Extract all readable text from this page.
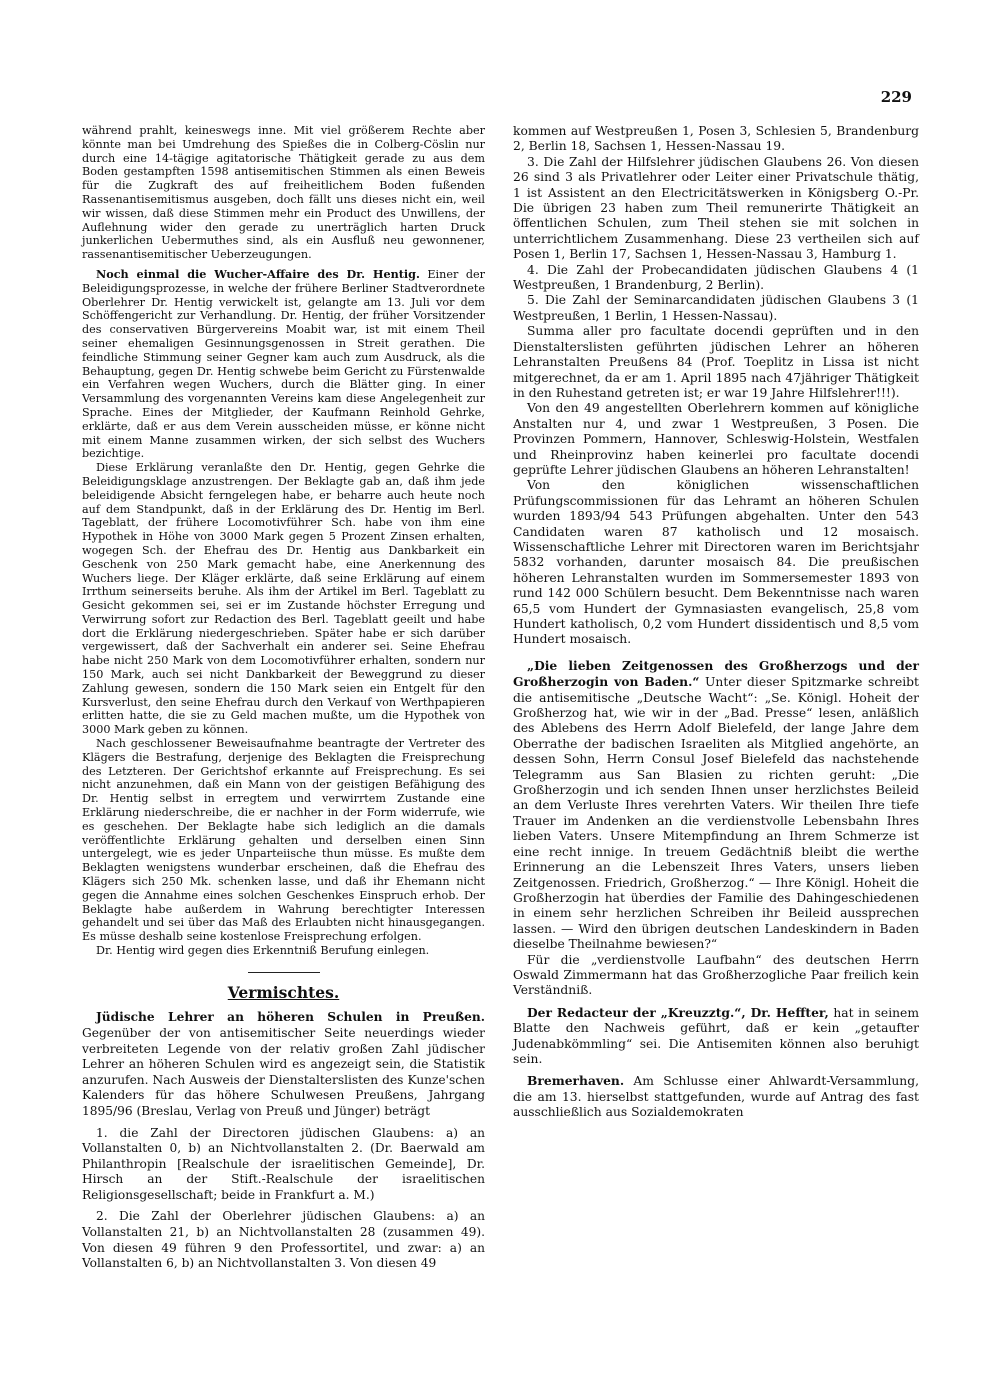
229

während prahlt, keineswegs inne. Mit viel größerem Rechte aber könnte man bei Umdrehung des Spießes die in Colberg-Cöslin nur durch eine 14-tägige agitatorische Thätigkeit gerade zu aus dem Boden gestampften 1598 antisemitischen Stimmen als einen Beweis für die Zugkraft des auf freiheitlichem Boden fußenden Rassenantisemitismus ausgeben, doch fällt uns dieses nicht ein, weil wir wissen, daß diese Stimmen mehr ein Product des Unwillens, der Auflehnung wider den gerade zu unerträglich harten Druck junkerlichen Uebermuthes sind, als ein Ausfluß neu gewonnener, rassenantisemitischer Ueberzeugungen.

Noch einmal die Wucher-Affaire des Dr. Hentig. Einer der Beleidigungsprozesse, in welche der frühere Berliner Stadtverordnete Oberlehrer Dr. Hentig verwickelt ist, gelangte am 13. Juli vor dem Schöffengericht zur Verhandlung. Dr. Hentig, der früher Vorsitzender des conservativen Bürgervereins Moabit war, ist mit einem Theil seiner ehemaligen Gesinnungsgenossen in Streit gerathen. Die feindliche Stimmung seiner Gegner kam auch zum Ausdruck, als die Behauptung, gegen Dr. Hentig schwebe beim Gericht zu Fürstenwalde ein Verfahren wegen Wuchers, durch die Blätter ging. In einer Versammlung des vorgenannten Vereins kam diese Angelegenheit zur Sprache. Eines der Mitglieder, der Kaufmann Reinhold Gehrke, erklärte, daß er aus dem Verein ausscheiden müsse, er könne nicht mit einem Manne zusammen wirken, der sich selbst des Wuchers bezichtige.

Diese Erklärung veranlaßte den Dr. Hentig, gegen Gehrke die Beleidigungsklage anzustrengen. Der Beklagte gab an, daß ihm jede beleidigende Absicht ferngelegen habe, er beharre auch heute noch auf dem Standpunkt, daß in der Erklärung des Dr. Hentig im Berl. Tageblatt, der frühere Locomotivführer Sch. habe von ihm eine Hypothek in Höhe von 3000 Mark gegen 5 Prozent Zinsen erhalten, wogegen Sch. der Ehefrau des Dr. Hentig aus Dankbarkeit ein Geschenk von 250 Mark gemacht habe, eine Anerkennung des Wuchers liege. Der Kläger erklärte, daß seine Erklärung auf einem Irrthum seinerseits beruhe. Als ihm der Artikel im Berl. Tageblatt zu Gesicht gekommen sei, sei er im Zustande höchster Erregung und Verwirrung sofort zur Redaction des Berl. Tageblatt geeilt und habe dort die Erklärung niedergeschrieben. Später habe er sich darüber vergewissert, daß der Sachverhalt ein anderer sei. Seine Ehefrau habe nicht 250 Mark von dem Locomotivführer erhalten, sondern nur 150 Mark, auch sei nicht Dankbarkeit der Beweggrund zu dieser Zahlung gewesen, sondern die 150 Mark seien ein Entgelt für den Kursverlust, den seine Ehefrau durch den Verkauf von Werthpapieren erlitten hatte, die sie zu Geld machen mußte, um die Hypothek von 3000 Mark geben zu können.

Nach geschlossener Beweisaufnahme beantragte der Vertreter des Klägers die Bestrafung, derjenige des Beklagten die Freisprechung des Letzteren. Der Gerichtshof erkannte auf Freisprechung. Es sei nicht anzunehmen, daß ein Mann von der geistigen Befähigung des Dr. Hentig selbst in erregtem und verwirrtem Zustande eine Erklärung niederschreibe, die er nachher in der Form widerrufe, wie es geschehen. Der Beklagte habe sich lediglich an die damals veröffentlichte Erklärung gehalten und derselben einen Sinn untergelegt, wie es jeder Unparteiische thun müsse. Es mußte dem Beklagten wenigstens wunderbar erscheinen, daß die Ehefrau des Klägers sich 250 Mk. schenken lasse, und daß ihr Ehemann nicht gegen die Annahme eines solchen Geschenkes Einspruch erhob. Der Beklagte habe außerdem in Wahrung berechtigter Interessen gehandelt und sei über das Maß des Erlaubten nicht hinausgegangen. Es müsse deshalb seine kostenlose Freisprechung erfolgen.

Dr. Hentig wird gegen dies Erkenntniß Berufung einlegen.

Vermischtes.

Jüdische Lehrer an höheren Schulen in Preußen. Gegenüber der von antisemitischer Seite neuerdings wieder verbreiteten Legende von der relativ großen Zahl jüdischer Lehrer an höheren Schulen wird es angezeigt sein, die Statistik anzurufen. Nach Ausweis der Dienstalterslisten des Kunze'schen Kalenders für das höhere Schulwesen Preußens, Jahrgang 1895/96 (Breslau, Verlag von Preuß und Jünger) beträgt

1. die Zahl der Directoren jüdischen Glaubens: a) an Vollanstalten 0, b) an Nichtvollanstalten 2. (Dr. Baerwald am Philanthropin [Realschule der israelitischen Gemeinde], Dr. Hirsch an der Stift.-Realschule der israelitischen Religionsgesellschaft; beide in Frankfurt a. M.)

2. Die Zahl der Oberlehrer jüdischen Glaubens: a) an Vollanstalten 21, b) an Nichtvollanstalten 28 (zusammen 49). Von diesen 49 führen 9 den Professortitel, und zwar: a) an Vollanstalten 6, b) an Nichtvollanstalten 3. Von diesen 49

kommen auf Westpreußen 1, Posen 3, Schlesien 5, Brandenburg 2, Berlin 18, Sachsen 1, Hessen-Nassau 19.

3. Die Zahl der Hilfslehrer jüdischen Glaubens 26. Von diesen 26 sind 3 als Privatlehrer oder Leiter einer Privatschule thätig, 1 ist Assistent an den Electricitätswerken in Königsberg O.-Pr. Die übrigen 23 haben zum Theil remunerirte Thätigkeit an öffentlichen Schulen, zum Theil stehen sie mit solchen in unterrichtlichem Zusammenhang. Diese 23 vertheilen sich auf Posen 1, Berlin 17, Sachsen 1, Hessen-Nassau 3, Hamburg 1.

4. Die Zahl der Probecandidaten jüdischen Glaubens 4 (1 Westpreußen, 1 Brandenburg, 2 Berlin).

5. Die Zahl der Seminarcandidaten jüdischen Glaubens 3 (1 Westpreußen, 1 Berlin, 1 Hessen-Nassau).

Summa aller pro facultate docendi geprüften und in den Dienstalterslisten geführten jüdischen Lehrer an höheren Lehranstalten Preußens 84 (Prof. Toeplitz in Lissa ist nicht mitgerechnet, da er am 1. April 1895 nach 47jähriger Thätigkeit in den Ruhestand getreten ist; er war 19 Jahre Hilfslehrer!!!).

Von den 49 angestellten Oberlehrern kommen auf königliche Anstalten nur 4, und zwar 1 Westpreußen, 3 Posen. Die Provinzen Pommern, Hannover, Schleswig-Holstein, Westfalen und Rheinprovinz haben keinerlei pro facultate docendi geprüfte Lehrer jüdischen Glaubens an höheren Lehranstalten!

Von den königlichen wissenschaftlichen Prüfungscommissionen für das Lehramt an höheren Schulen wurden 1893/94 543 Prüfungen abgehalten. Unter den 543 Candidaten waren 87 katholisch und 12 mosaisch. Wissenschaftliche Lehrer mit Directoren waren im Berichtsjahr 5832 vorhanden, darunter mosaisch 84. Die preußischen höheren Lehranstalten wurden im Sommersemester 1893 von rund 142 000 Schülern besucht. Dem Bekenntnisse nach waren 65,5 vom Hundert der Gymnasiasten evangelisch, 25,8 vom Hundert katholisch, 0,2 vom Hundert dissidentisch und 8,5 vom Hundert mosaisch.

„Die lieben Zeitgenossen des Großherzogs und der Großherzogin von Baden.“ Unter dieser Spitzmarke schreibt die antisemitische „Deutsche Wacht“: „Se. Königl. Hoheit der Großherzog hat, wie wir in der „Bad. Presse“ lesen, anläßlich des Ablebens des Herrn Adolf Bielefeld, der lange Jahre dem Oberrathe der badischen Israeliten als Mitglied angehörte, an dessen Sohn, Herrn Consul Josef Bielefeld das nachstehende Telegramm aus San Blasien zu richten geruht: „Die Großherzogin und ich senden Ihnen unser herzlichstes Beileid an dem Verluste Ihres verehrten Vaters. Wir theilen Ihre tiefe Trauer im Andenken an die verdienstvolle Lebensbahn Ihres lieben Vaters. Unsere Mitempfindung an Ihrem Schmerze ist eine recht innige. In treuem Gedächtniß bleibt die werthe Erinnerung an die Lebenszeit Ihres Vaters, unsers lieben Zeitgenossen. Friedrich, Großherzog.“ — Ihre Königl. Hoheit die Großherzogin hat überdies der Familie des Dahingeschiedenen in einem sehr herzlichen Schreiben ihr Beileid aussprechen lassen. — Wird den übrigen deutschen Landeskindern in Baden dieselbe Theilnahme bewiesen?“

Für die „verdienstvolle Laufbahn“ des deutschen Herrn Oswald Zimmermann hat das Großherzogliche Paar freilich kein Verständniß.

Der Redacteur der „Kreuzztg.“, Dr. Heffter, hat in seinem Blatte den Nachweis geführt, daß er kein „getaufter Judenabkömmling“ sei. Die Antisemiten können also beruhigt sein.

Bremerhaven. Am Schlusse einer Ahlwardt-Versammlung, die am 13. hierselbst stattgefunden, wurde auf Antrag des fast ausschließlich aus Sozialdemokraten
